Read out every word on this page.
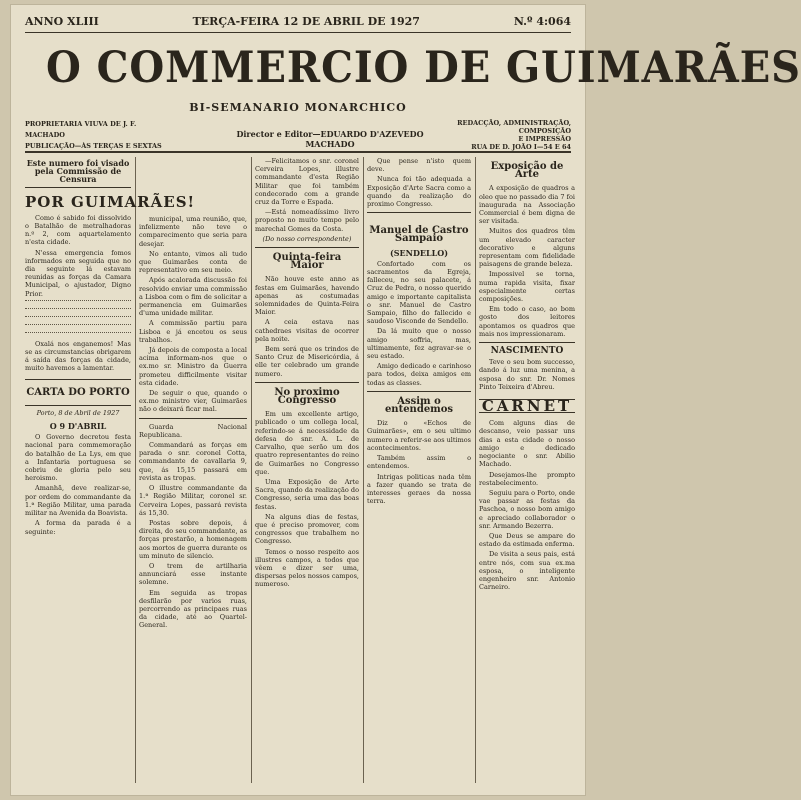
ANNO XLIII	TERÇA-FEIRA 12 DE ABRIL DE 1927	N.º 4:064
O COMMERCIO DE GUIMARÃES
BI-SEMANARIO MONARCHICO
PROPRIETARIA VIUVA DE J. F. MACHADO
PUBLICAÇÃO—ÀS TERÇAS E SEXTAS
Director e Editor—EDUARDO D'AZEVEDO MACHADO
REDACÇÃO, ADMINISTRAÇÃO, COMPOSIÇÃO
E IMPRESSÃO
RUA DE D. JOÃO I—54 E 64
Este numero foi visado pela Commissão de Censura
POR GUIMARÃES!
Como é sabido foi dissolvido o Batalhão de metralhadoras n.º 2, com aquartelamento n'esta cidade.
N'essa emergencia fomos informados em seguida que no dia seguinte lá estavam reunidas as forças da Camara Municipal, o ajustador, Digno Prior.
Oxalá nos enganemos! Mas se as circumstancias obrigarem á saída das forças da cidade, muito havemos a lamentar.
CARTA DO PORTO
Porto, 8 de Abril de 1927
O 9 D'ABRIL
O Governo decretou festa nacional para commemoração do batalhão de La Lys, em que a Infantaria portuguesa se cobriu de gloria pelo seu heroismo.
Amanhã, deve realizar-se, por ordem do commandante da 1.ª Região Militar, uma parada militar na Avenida da Boavista.
A forma da parada é a seguinte:
municipal, uma reunião, que, infelizmente não teve o comparecimento que seria para desejar.
No entanto, vimos ali tudo que Guimarães conta de representativo em seu meio.
Após acalorada discussão foi resolvido enviar uma commissão a Lisboa com o fim de solicitar a permanencia em Guimarães d'uma unidade militar.
A commissão partiu para Lisboa e já encetou os seus trabalhos.
Já depois de composta a local acima informam-nos que o ex.mo sr. Ministro da Guerra prometeu difficilmente visitar esta cidade.
De seguir o que, quando o ex.mo ministro vier, Guimarães não o deixará ficar mal.
Guarda Nacional Republicana.
Commandará as forças em parada o snr. coronel Cotta, commandante de cavallaria 9, que, ás 15,15 passará em revista as tropas.
O illustre commandante da 1.ª Região Militar, coronel sr. Cerveira Lopes, passará revista ás 15,30.
Postas sobre depois, á direita, do seu commandante, as forças prestarão, a homenagem aos mortos de guerra durante os um minuto de silencio.
O trem de artilharia annunciará esse instante solemne.
Em seguida as tropas desfilarão por varios ruas, percorrendo as principaes ruas da cidade, até ao Quartel-General.
—Felicitamos o snr. coronel Cerveira Lopes, illustre commandante d'esta Região Militar que foi também condecorado com a grande cruz da Torre e Espada.
—Está nomeadíssimo livro proposto no muito tempo pelo marechal Gomes da Costa.
(Do nosso correspondente)
Quinta-feira Maior
Não houve este anno as festas em Guimarães, havendo apenas as costumadas solemnidades de Quinta-Feira Maior.
A ceia estava nas cathedraes visitas de ocorrer pela noite.
Bem será que os trindos de Santo Cruz de Misericórdia, á elle ter celebrado um grande numero.
No proximo Congresso
Em um excellente artigo, publicado o um collega local, referindo-se á necessidade da defesa do snr. A. L. de Carvalho, que serão um dos quatro representantes do reino de Guimarães no Congresso que.
Uma Exposição de Arte Sacra, quando da realização do Congresso, seria uma das boas festas.
Na alguns dias de festas, que é preciso promover, com congressos que trabalhem no Congresso.
Temos o nosso respeito aos illustres campos, a todos que vêem e dizer ser uma, dispersas pelos nossos campos, numeroso.
Que pense n'isto quem deve.
Nunca foi tão adequada a Exposição d'Arte Sacra como a quando da realização do proximo Congresso.
Manuel de Castro Sampaio
(SENDELLO)
Confortado com os sacramentos da Egreja, falleceu, no seu palacete, á Cruz de Pedra, o nosso querido amigo e importante capitalista o snr. Manuel de Castro Sampaio, filho do fallecido e saudoso Visconde de Sendello.
Da lá muito que o nosso amigo soffria, mas, ultimamente, fez agravar-se o seu estado.
Amigo dedicado e carinhoso para todos, deixa amigos em todas as classes.
Assim o entendemos
Diz o «Echos de Guimarães», em o seu ultimo numero a referir-se aos ultimos acontecimentos.
Também assim o entendemos.
Intrigas politicas nada têm a fazer quando se trata de interesses geraes da nossa terra.
Exposição de Arte
A exposição de quadros a oleo que no passado dia 7 foi inaugurada na Associação Commercial é bem digna de ser visitada.
Muitos dos quadros têm um elevado caracter decorativo e alguns representam com fidelidade paisagens de grande beleza.
Impossivel se torna, numa rapida visita, fixar especialmente certas composições.
Em todo o caso, ao bom gosto dos leitores apontamos os quadros que mais nos impressionaram.
NASCIMENTO
Teve o seu bom successo, dando á luz uma menina, a esposa do snr. Dr. Nomes Pinto Teixeira d'Abreu.
CARNET
Com alguns dias de descanso, veio passar uns dias a esta cidade o nosso amigo e dedicado negociante o snr. Abilio Machado.
Desejamos-lhe prompto restabelecimento.
Seguiu para o Porto, onde vae passar as festas da Paschoa, o nosso bom amigo e apreciado collaborador o snr. Armando Bezerra.
Que Deus se ampare do estado da estimada enferma.
De visita a seus pais, está entre nós, com sua ex.ma esposa, o inteligente engenheiro snr. Antonio Carneiro.
